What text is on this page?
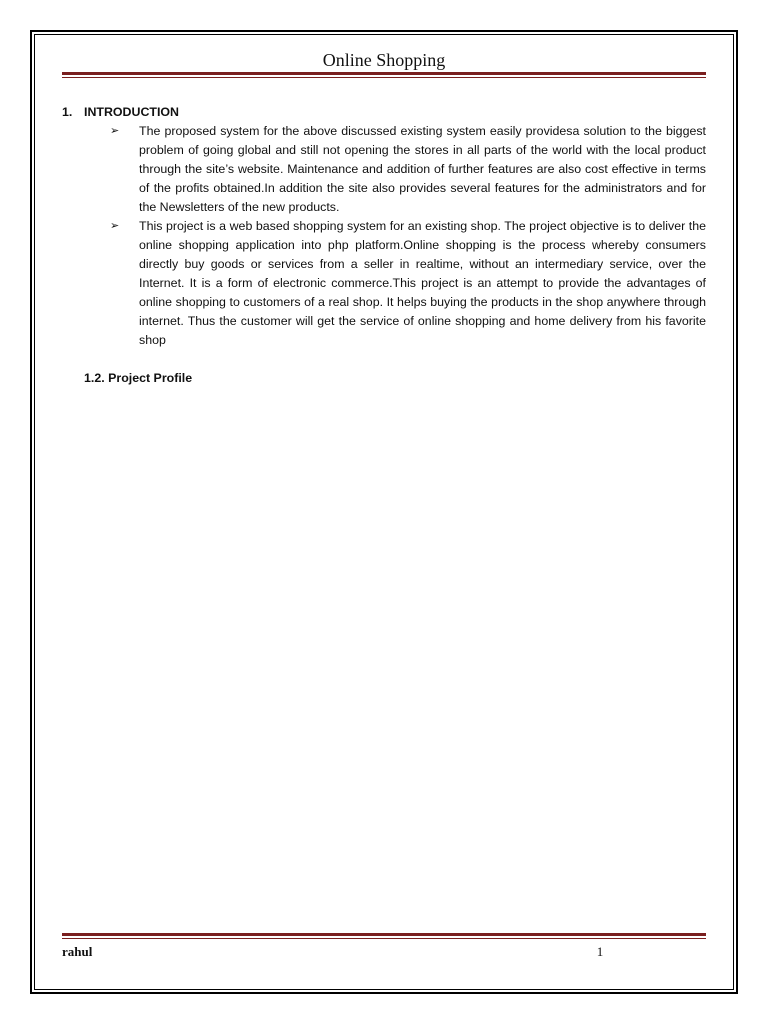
Online Shopping

1. INTRODUCTION

➢ The proposed system for the above discussed existing system easily providesa solution to the biggest problem of going global and still not opening the stores in all parts of the world with the local product through the site’s website. Maintenance and addition of further features are also cost effective in terms of the profits obtained.In addition the site also provides several features for the administrators and for the Newsletters of the new products.
➢ This project is a web based shopping system for an existing shop. The project objective is to deliver the online shopping application into php platform.Online shopping is the process whereby consumers directly buy goods or services from a seller in realtime, without an intermediary service, over the Internet. It is a form of electronic commerce.This project is an attempt to provide the advantages of online shopping to customers of a real shop. It helps buying the products in the shop anywhere through internet. Thus the customer will get the service of online shopping and home delivery from his favorite shop

1.2. Project Profile

rahul	1
